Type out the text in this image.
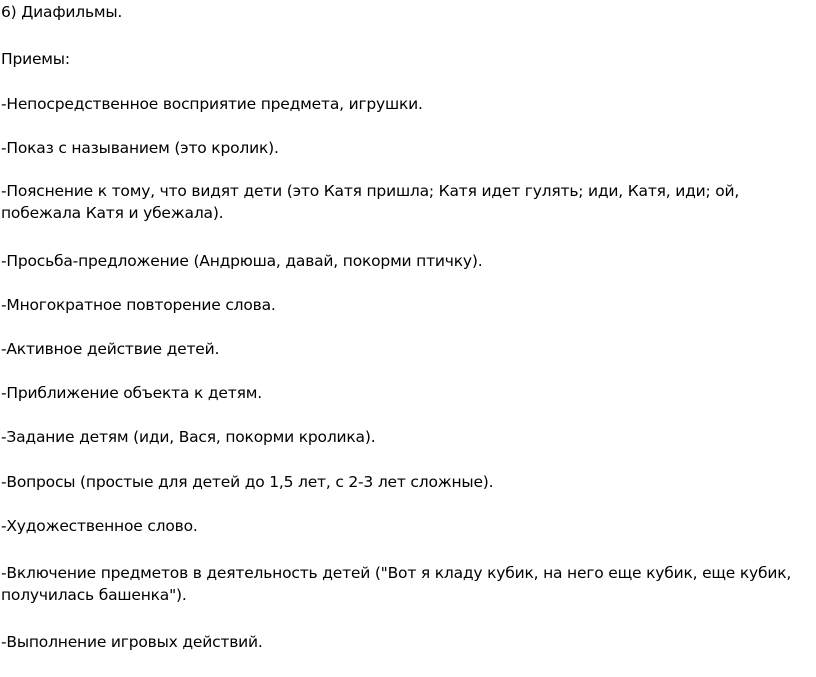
6) Диафильмы.
Приемы:
-Непосредственное восприятие предмета, игрушки.
-Показ с называнием (это кролик).
-Пояснение к тому, что видят дети (это Катя пришла; Катя идет гулять; иди, Катя, иди; ой, побежала Катя и убежала).
-Просьба-предложение (Андрюша, давай, покорми птичку).
-Многократное повторение слова.
-Активное действие детей.
-Приближение объекта к детям.
-Задание детям (иди, Вася, покорми кролика).
-Вопросы (простые для детей до 1,5 лет, с 2-3 лет сложные).
-Художественное слово.
-Включение предметов в деятельность детей ("Вот я кладу кубик, на него еще кубик, еще кубик, получилась башенка").
-Выполнение игровых действий.
